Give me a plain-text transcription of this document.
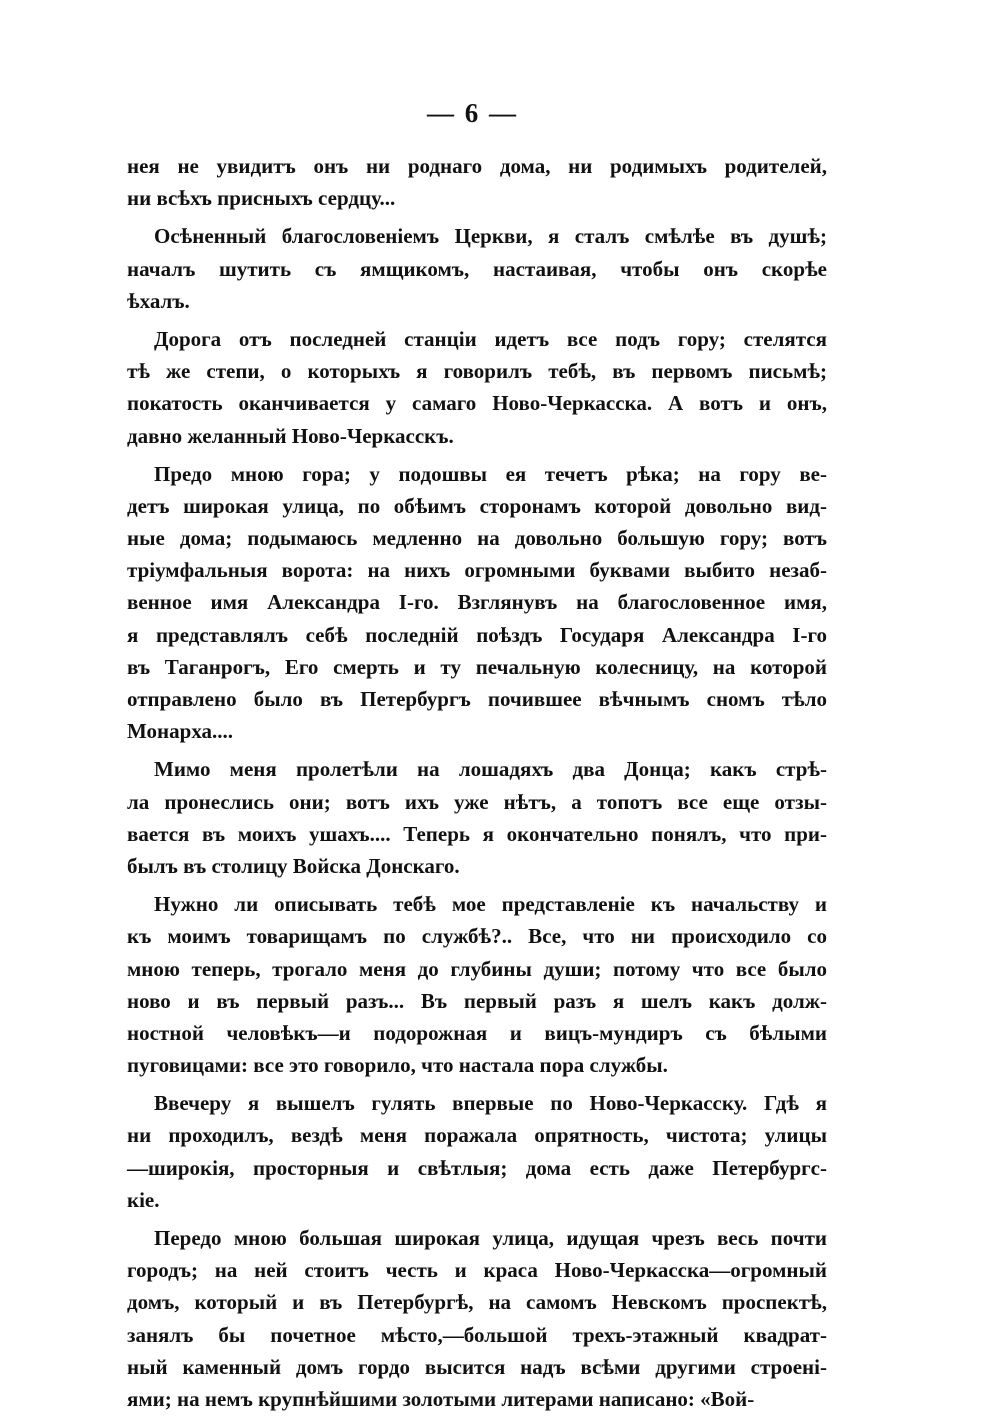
— 6 —
нея не увидитъ онъ ни роднаго дома, ни родимыхъ родителей,
ни всѣхъ присныхъ сердцу...
Осѣненный благословеніемъ Церкви, я сталъ смѣлѣе въ душѣ;
началъ шутить съ ямщикомъ, настаивая, чтобы онъ скорѣе
ѣхалъ.
Дорога отъ последней станціи идетъ все подъ гору; стелятся
тѣ же степи, о которыхъ я говорилъ тебѣ, въ первомъ письмѣ;
покатость оканчивается у самаго Ново-Черкасска. А вотъ и онъ,
давно желанный Ново-Черкасскъ.
Предо мною гора; у подошвы ея течетъ рѣка; на гору ве-
детъ широкая улица, по обѣимъ сторонамъ которой довольно вид-
ные дома; подымаюсь медленно на довольно большую гору; вотъ
тріумфальныя ворота: на нихъ огромными буквами выбито незаб-
венное имя Александра I-го. Взглянувъ на благословенное имя,
я представлялъ себѣ последній поѣздъ Государя Александра I-го
въ Таганрогъ, Его смерть и ту печальную колесницу, на которой
отправлено было въ Петербургъ почившее вѣчнымъ сномъ тѣло
Монарха....
Мимо меня пролетѣли на лошадяхъ два Донца; какъ стрѣ-
ла пронеслись они; вотъ ихъ уже нѣтъ, а топотъ все еще отзы-
вается въ моихъ ушахъ.... Теперь я окончательно понялъ, что при-
былъ въ столицу Войска Донскаго.
Нужно ли описывать тебѣ мое представленіе къ начальству и
къ моимъ товарищамъ по службѣ?.. Все, что ни происходило со
мною теперь, трогало меня до глубины души; потому что все было
ново и въ первый разъ... Въ первый разъ я шелъ какъ долж-
ностной человѣкъ—и подорожная и вицъ-мундиръ съ бѣлыми
пуговицами: все это говорило, что настала пора службы.
Ввечеру я вышелъ гулять впервые по Ново-Черкасску. Гдѣ я
ни проходилъ, вездѣ меня поражала опрятность, чистота; улицы
—широкія, просторныя и свѣтлыя; дома есть даже Петербургс-
кіе.
Передо мною большая широкая улица, идущая чрезъ весь почти
городъ; на ней стоитъ честь и краса Ново-Черкасска—огромный
домъ, который и въ Петербургѣ, на самомъ Невскомъ проспектѣ,
занялъ бы почетное мѣсто,—большой трехъ-этажный квадрат-
ный каменный домъ гордо высится надъ всѣми другими строені-
ями; на немъ крупнѣйшими золотыми литерами написано: «Вой-
